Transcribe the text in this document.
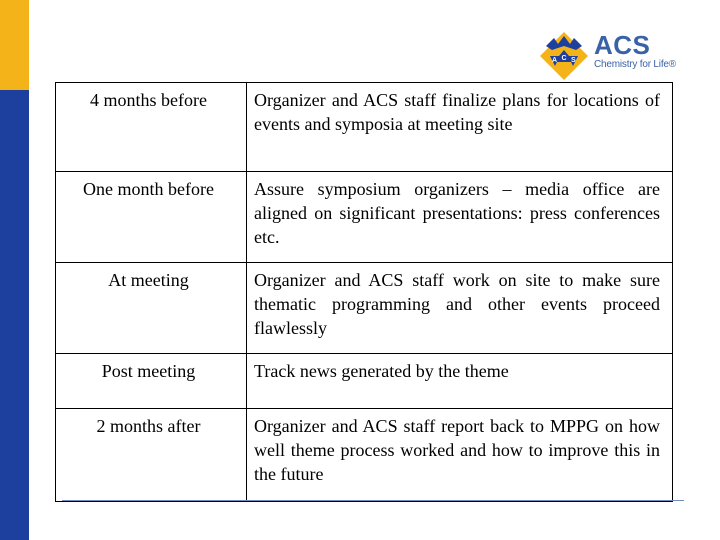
A C S
ACS
Chemistry for Life®
4 months before	Organizer and ACS staff finalize plans for locations of events and symposia at meeting site
One month before	Assure symposium organizers – media office are aligned on significant presentations: press conferences etc.
At meeting	Organizer and ACS staff work on site to make sure thematic programming and other events proceed flawlessly
Post meeting	Track news generated by the theme
2 months after	Organizer and ACS staff report back to MPPG on how well theme process worked and how to improve this in the future
